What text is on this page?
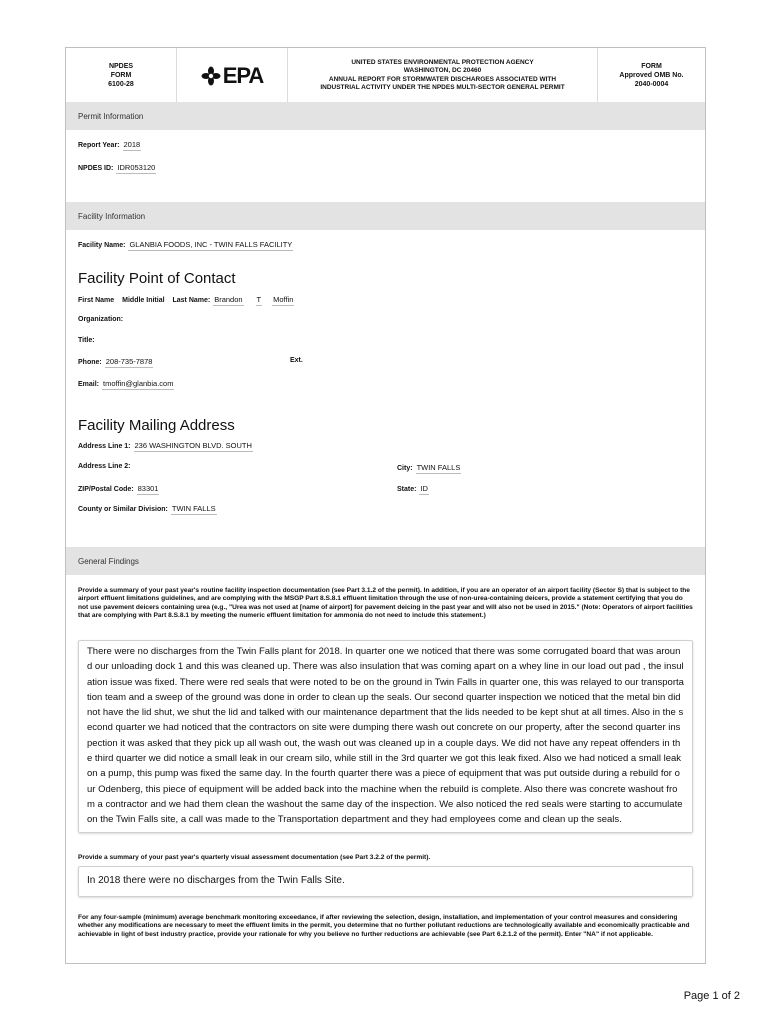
NPDES
FORM
6100-28	EPA
UNITED STATES ENVIRONMENTAL PROTECTION AGENCY
WASHINGTON, DC 20460
ANNUAL REPORT FOR STORMWATER DISCHARGES ASSOCIATED WITH
INDUSTRIAL ACTIVITY UNDER THE NPDES MULTI-SECTOR GENERAL PERMIT
FORM
Approved OMB No.
2040-0004
Permit Information
Report Year: 2018
NPDES ID: IDR053120
Facility Information
Facility Name: GLANBIA FOODS, INC - TWIN FALLS FACILITY
Facility Point of Contact
First Name Middle Initial Last Name: Brandon T Moffin
Organization:
Title:
Phone: 208-735-7878	Ext.
Email: tmoffin@glanbia.com
Facility Mailing Address
Address Line 1: 236 WASHINGTON BLVD. SOUTH
Address Line 2:	City: TWIN FALLS
ZIP/Postal Code: 83301	State: ID
County or Similar Division: TWIN FALLS
General Findings
Provide a summary of your past year's routine facility inspection documentation (see Part 3.1.2 of the permit). In addition, if you are an operator of an airport facility (Sector S) that is subject to the airport effluent limitations guidelines, and are complying with the MSGP Part 8.S.8.1 effluent limitation through the use of non-urea-containing deicers, provide a statement certifying that you do not use pavement deicers containing urea (e.g., "Urea was not used at [name of airport] for pavement deicing in the past year and will also not be used in 2015." (Note: Operators of airport facilities that are complying with Part 8.S.8.1 by meeting the numeric effluent limitation for ammonia do not need to include this statement.)
There were no discharges from the Twin Falls plant for 2018. In quarter one we noticed that there was some corrugated board that was around our unloading dock 1 and this was cleaned up. There was also insulation that was coming apart on a whey line in our load out pad , the insulation issue was fixed. There were red seals that were noted to be on the ground in Twin Falls in quarter one, this was relayed to our transportation team and a sweep of the ground was done in order to clean up the seals. Our second quarter inspection we noticed that the metal bin did not have the lid shut, we shut the lid and talked with our maintenance department that the lids needed to be kept shut at all times. Also in the second quarter we had noticed that the contractors on site were dumping there wash out concrete on our property, after the second quarter inspection it was asked that they pick up all wash out, the wash out was cleaned up in a couple days. We did not have any repeat offenders in the third quarter we did notice a small leak in our cream silo, while still in the 3rd quarter we got this leak fixed. Also we had noticed a small leak on a pump, this pump was fixed the same day. In the fourth quarter there was a piece of equipment that was put outside during a rebuild for our Odenberg, this piece of equipment will be added back into the machine when the rebuild is complete. Also there was concrete washout from a contractor and we had them clean the washout the same day of the inspection. We also noticed the red seals were starting to accumulate on the Twin Falls site, a call was made to the Transportation department and they had employees come and clean up the seals.
Provide a summary of your past year's quarterly visual assessment documentation (see Part 3.2.2 of the permit).
In 2018 there were no discharges from the Twin Falls Site.
For any four-sample (minimum) average benchmark monitoring exceedance, if after reviewing the selection, design, installation, and implementation of your control measures and considering whether any modifications are necessary to meet the effluent limits in the permit, you determine that no further pollutant reductions are technologically available and economically practicable and achievable in light of best industry practice, provide your rationale for why you believe no further reductions are achievable (see Part 6.2.1.2 of the permit). Enter "NA" if not applicable.
Page 1 of 2
